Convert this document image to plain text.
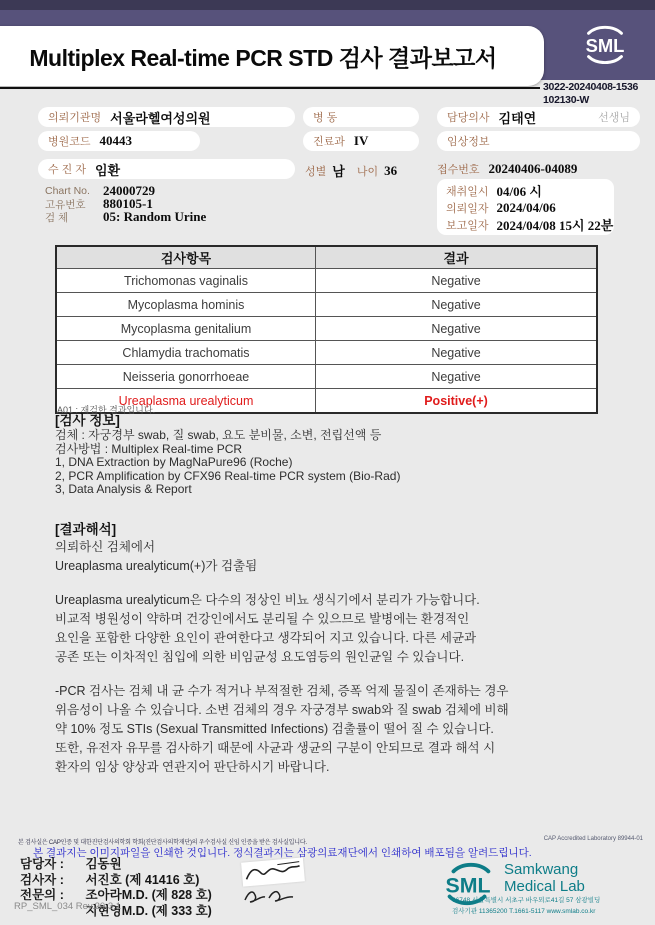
Multiplex Real-time PCR STD 검사 결과보고서	SML
3022-20240408-1536
102130-W
의뢰기관명 서울라헬여성의원
병원코드 40443
수 진 자 임환
Chart No.	24000729
고유번호	880105-1
검 체	05: Random Urine
병 동
진료과 IV
성별 남 나이 36
담당의사 김태연	선생님
임상정보
접수번호 20240406-04089
채취일시 04/06 시
의뢰일자 2024/04/06
보고일자 2024/04/08 15시 22분
검사항목	결과
Trichomonas vaginalis	Negative
Mycoplasma hominis	Negative
Mycoplasma genitalium	Negative
Chlamydia trachomatis	Negative
Neisseria gonorrhoeae	Negative
Ureaplasma urealyticum	Positive(+)
A01 : 재검한 결과입니다.
[검사 정보]
검체 : 자궁경부 swab, 질 swab, 요도 분비물, 소변, 전립선액 등
검사방법 : Multiplex Real-time PCR
1, DNA Extraction by MagNaPure96 (Roche)
2, PCR Amplification by CFX96 Real-time PCR system (Bio-Rad)
3, Data Analysis & Report
[결과해석]
의뢰하신 검체에서
Ureaplasma urealyticum(+)가 검출됨
Ureaplasma urealyticum은 다수의 정상인 비뇨 생식기에서 분리가 가능합니다.
비교적 병원성이 약하며 건강인에서도 분리될 수 있으므로 발병에는 환경적인
요인을 포함한 다양한 요인이 관여한다고 생각되어 지고 있습니다. 다른 세균과
공존 또는 이차적인 침입에 의한 비임균성 요도염등의 원인균일 수 있습니다.
-PCR 검사는 검체 내 균 수가 적거나 부적절한 검체, 증폭 억제 물질이 존재하는 경우
위음성이 나올 수 있습니다. 소변 검체의 경우 자궁경부 swab와 질 swab 검체에 비해
약 10% 정도 STIs (Sexual Transmitted Infections) 검출률이 떨어 질 수 있습니다.
또한, 유전자 유무를 검사하기 때문에 사균과 생균의 구분이 안되므로 결과 해석 시
환자의 임상 양상과 연관지어 판단하시기 바랍니다.
본 검사실은 CAP인증 및 대한진단검사의학회 학회(진단검사의학재단)의 우수검사실 신임 인증을 받은 검사실입니다.
CAP Accredited Laboratory 89944-01
본 결과지는 이미지파일을 인쇄한 것입니다. 정식결과지는 삼광의료재단에서 인쇄하여 배포됨을 알려드립니다.
담당자 : 김동원
검사자 : 서진호 (제 41416 호)
전문의 : 조아라M.D. (제 828 호)
지현영M.D. (제 333 호)
SML
Samkwang
Medical Lab
06748 서울특별시 서초구 바우뫼로41길 57 삼광빌딩
검사기관 11365200 T.1661-5117 www.smlab.co.kr
RP_SML_034 Rev.20.3.1
